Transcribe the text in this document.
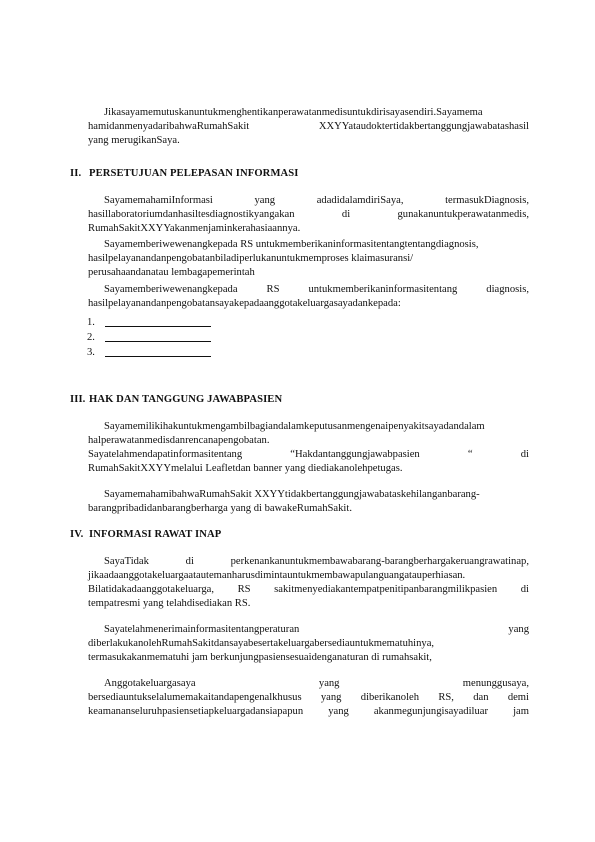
Jikasayamemutuskanuntukmenghentikanperawatanmedisuntukdirisayasendiri.Sayamema
hamidanmenyadaribahwaRumahSakit	XXYYataudoktertidakbertanggungjawabatashasil
yang merugikanSaya.
II. PERSETUJUAN PELEPASAN INFORMASI
SayamemahamiInformasi	yang	adadidalamdiriSaya,	termasukDiagnosis,
hasillaboratoriumdanhasiltesdiagnostikyangakan	di	gunakanuntukperawatanmedis,
RumahSakitXXYYakanmenjaminkerahasiaannya.
Sayamemberiwewenangkepada RS untukmemberikaninformasitentangtentangdiagnosis,
hasilpelayanandanpengobatanbiladiperlukanuntukmemproses klaimasuransi/
perusahaandanatau lembagapemerintah
Sayamemberiwewenangkepada	RS	untukmemberikaninformasitentang	diagnosis,
hasilpelayanandanpengobatansayakepadaanggotakeluargasayadankepada:
1.
2.
3.
III. HAK DAN TANGGUNG JAWABPASIEN
Sayamemilikihakuntukmengambilbagiandalamkeputusanmengenaipenyakitsayadandalam
halperawatanmedisdanrencanapengobatan.
Sayatelahmendapatinformasitentang	“Hakdantanggungjawabpasien	“	di
RumahSakitXXYYmelalui Leafletdan banner yang diediakanolehpetugas.
SayamemahamibahwaRumahSakit XXYYtidakbertanggungjawabataskehilanganbarang-
barangpribadidanbarangberharga yang di bawakeRumahSakit.
IV. INFORMASI RAWAT INAP
SayaTidak	di	perkenankanuntukmembawabarang-barangberhargakeruangrawatinap,
jikaadaanggotakeluargaatautemanharusdimintauntukmembawapulanguangatauperhiasan.
Bilatidakadaanggotakeluarga, RS sakitmenyediakantempatpenitipanbarangmilikpasien di
tempatresmi yang telahdisediakan RS.
Sayatelahmenerimainformasitentangperaturan	yang
diberlakukanolehRumahSakitdansayabesertakeluargabersediauntukmematuhinya,
termasukakanmematuhi jam berkunjungpasiensesuaidenganaturan di rumahsakit,
Anggotakeluargasaya	yang	menunggusaya,
bersediauntukselalumemakaitandapengenalkhusus yang diberikanoleh RS, dan demi
keamananseluruhpasiensetiapkeluargadansiapapun yang akanmegunjungisayadiluar jam
